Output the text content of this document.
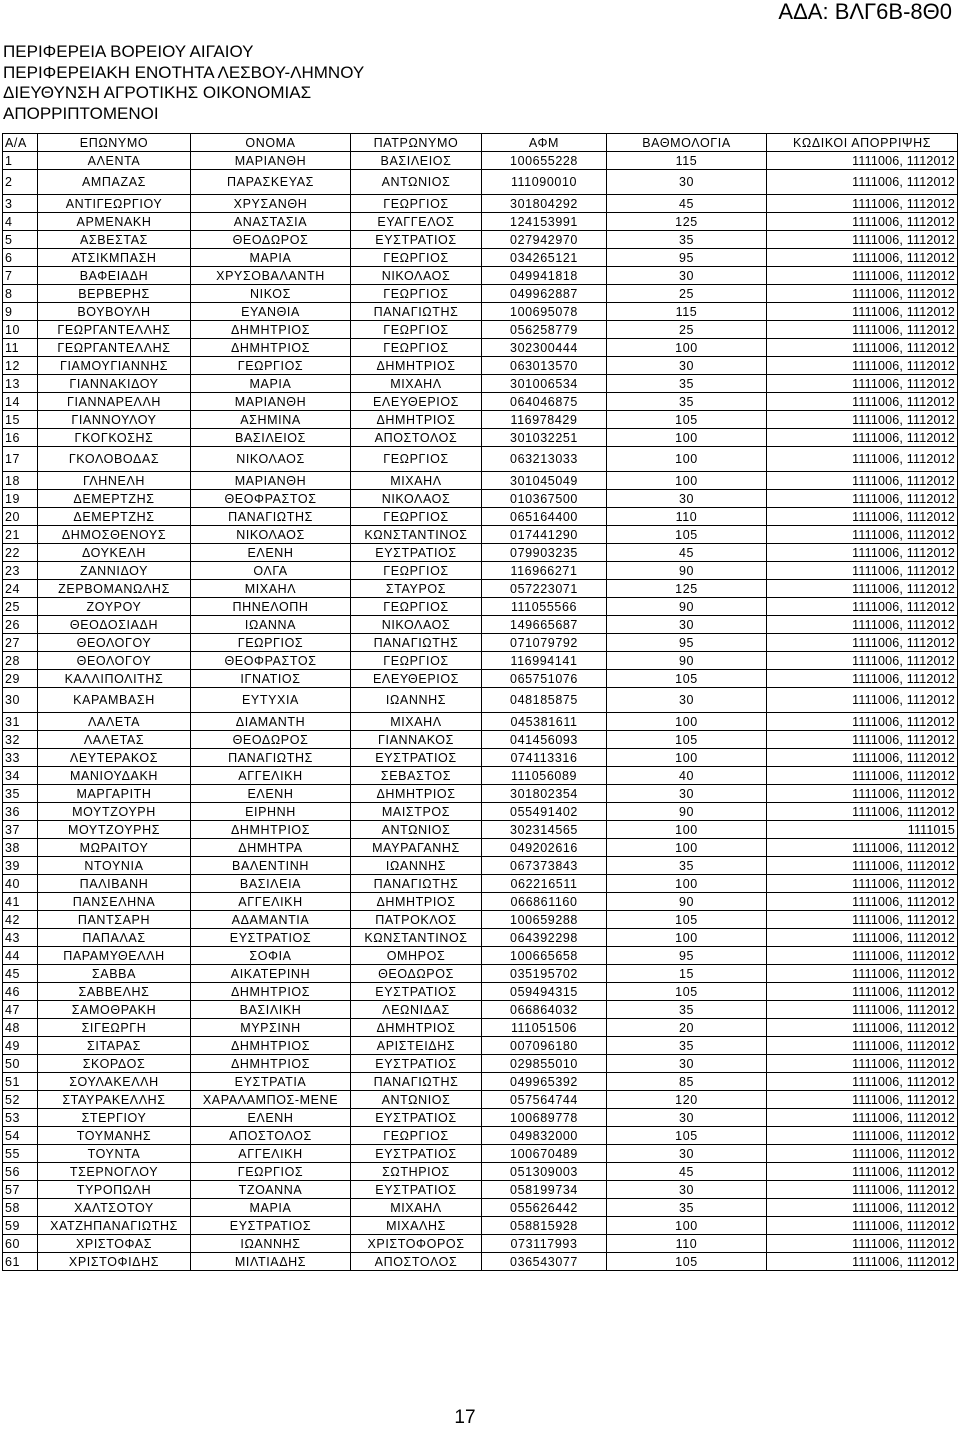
ΑΔΑ: ΒΛΓ6Β-8Θ0
ΠΕΡΙΦΕΡΕΙΑ ΒΟΡΕΙΟΥ ΑΙΓΑΙΟΥ
ΠΕΡΙΦΕΡΕΙΑΚΗ ΕΝΟΤΗΤΑ ΛΕΣΒΟΥ-ΛΗΜΝΟΥ
ΔΙΕΥΘΥΝΣΗ ΑΓΡΟΤΙΚΗΣ ΟΙΚΟΝΟΜΙΑΣ
ΑΠΟΡΡΙΠΤΟΜΕΝΟΙ
Α/Α	ΕΠΩΝΥΜΟ	ΟΝΟΜΑ	ΠΑΤΡΩΝΥΜΟ	ΑΦΜ	ΒΑΘΜΟΛΟΓΙΑ	ΚΩΔΙΚΟΙ ΑΠΟΡΡΙΨΗΣ
1	ΑΛΕΝΤΑ	ΜΑΡΙΑΝΘΗ	ΒΑΣΙΛΕΙΟΣ	100655228	115	1111006, 1112012
2	ΑΜΠΑΖΑΣ	ΠΑΡΑΣΚΕΥΑΣ	ΑΝΤΩΝΙΟΣ	111090010	30	1111006, 1112012
3	ΑΝΤΙΓΕΩΡΓΙΟΥ	ΧΡΥΣΑΝΘΗ	ΓΕΩΡΓΙΟΣ	301804292	45	1111006, 1112012
4	ΑΡΜΕΝΑΚΗ	ΑΝΑΣΤΑΣΙΑ	ΕΥΑΓΓΕΛΟΣ	124153991	125	1111006, 1112012
5	ΑΣΒΕΣΤΑΣ	ΘΕΟΔΩΡΟΣ	ΕΥΣΤΡΑΤΙΟΣ	027942970	35	1111006, 1112012
6	ΑΤΣΙΚΜΠΑΣΗ	ΜΑΡΙΑ	ΓΕΩΡΓΙΟΣ	034265121	95	1111006, 1112012
7	ΒΑΦΕΙΑΔΗ	ΧΡΥΣΟΒΑΛΑΝΤΗ	ΝΙΚΟΛΑΟΣ	049941818	30	1111006, 1112012
8	ΒΕΡΒΕΡΗΣ	ΝΙΚΟΣ	ΓΕΩΡΓΙΟΣ	049962887	25	1111006, 1112012
9	ΒΟΥΒΟΥΛΗ	ΕΥΑΝΘΙΑ	ΠΑΝΑΓΙΩΤΗΣ	100695078	115	1111006, 1112012
10	ΓΕΩΡΓΑΝΤΕΛΛΗΣ	ΔΗΜΗΤΡΙΟΣ	ΓΕΩΡΓΙΟΣ	056258779	25	1111006, 1112012
11	ΓΕΩΡΓΑΝΤΕΛΛΗΣ	ΔΗΜΗΤΡΙΟΣ	ΓΕΩΡΓΙΟΣ	302300444	100	1111006, 1112012
12	ΓΙΑΜΟΥΓΙΑΝΝΗΣ	ΓΕΩΡΓΙΟΣ	ΔΗΜΗΤΡΙΟΣ	063013570	30	1111006, 1112012
13	ΓΙΑΝΝΑΚΙΔΟΥ	ΜΑΡΙΑ	ΜΙΧΑΗΛ	301006534	35	1111006, 1112012
14	ΓΙΑΝΝΑΡΕΛΛΗ	ΜΑΡΙΑΝΘΗ	ΕΛΕΥΘΕΡΙΟΣ	064046875	35	1111006, 1112012
15	ΓΙΑΝΝΟΥΛΟΥ	ΑΣΗΜΙΝΑ	ΔΗΜΗΤΡΙΟΣ	116978429	105	1111006, 1112012
16	ΓΚΟΓΚΟΣΗΣ	ΒΑΣΙΛΕΙΟΣ	ΑΠΟΣΤΟΛΟΣ	301032251	100	1111006, 1112012
17	ΓΚΟΛΟΒΟΔΑΣ	ΝΙΚΟΛΑΟΣ	ΓΕΩΡΓΙΟΣ	063213033	100	1111006, 1112012
18	ΓΛΗΝΕΛΗ	ΜΑΡΙΑΝΘΗ	ΜΙΧΑΗΛ	301045049	100	1111006, 1112012
19	ΔΕΜΕΡΤΖΗΣ	ΘΕΟΦΡΑΣΤΟΣ	ΝΙΚΟΛΑΟΣ	010367500	30	1111006, 1112012
20	ΔΕΜΕΡΤΖΗΣ	ΠΑΝΑΓΙΩΤΗΣ	ΓΕΩΡΓΙΟΣ	065164400	110	1111006, 1112012
21	ΔΗΜΟΣΘΕΝΟΥΣ	ΝΙΚΟΛΑΟΣ	ΚΩΝΣΤΑΝΤΙΝΟΣ	017441290	105	1111006, 1112012
22	ΔΟΥΚΕΛΗ	ΕΛΕΝΗ	ΕΥΣΤΡΑΤΙΟΣ	079903235	45	1111006, 1112012
23	ΖΑΝΝΙΔΟΥ	ΟΛΓΑ	ΓΕΩΡΓΙΟΣ	116966271	90	1111006, 1112012
24	ΖΕΡΒΟΜΑΝΩΛΗΣ	ΜΙΧΑΗΛ	ΣΤΑΥΡΟΣ	057223071	125	1111006, 1112012
25	ΖΟΥΡΟΥ	ΠΗΝΕΛΟΠΗ	ΓΕΩΡΓΙΟΣ	111055566	90	1111006, 1112012
26	ΘΕΟΔΟΣΙΑΔΗ	ΙΩΑΝΝΑ	ΝΙΚΟΛΑΟΣ	149665687	30	1111006, 1112012
27	ΘΕΟΛΟΓΟΥ	ΓΕΩΡΓΙΟΣ	ΠΑΝΑΓΙΩΤΗΣ	071079792	95	1111006, 1112012
28	ΘΕΟΛΟΓΟΥ	ΘΕΟΦΡΑΣΤΟΣ	ΓΕΩΡΓΙΟΣ	116994141	90	1111006, 1112012
29	ΚΑΛΛΙΠΟΛΙΤΗΣ	ΙΓΝΑΤΙΟΣ	ΕΛΕΥΘΕΡΙΟΣ	065751076	105	1111006, 1112012
30	ΚΑΡΑΜΒΑΣΗ	ΕΥΤΥΧΙΑ	ΙΩΑΝΝΗΣ	048185875	30	1111006, 1112012
31	ΛΑΛΕΤΑ	ΔΙΑΜΑΝΤΗ	ΜΙΧΑΗΛ	045381611	100	1111006, 1112012
32	ΛΑΛΕΤΑΣ	ΘΕΟΔΩΡΟΣ	ΓΙΑΝΝΑΚΟΣ	041456093	105	1111006, 1112012
33	ΛΕΥΤΕΡΑΚΟΣ	ΠΑΝΑΓΙΩΤΗΣ	ΕΥΣΤΡΑΤΙΟΣ	074113316	100	1111006, 1112012
34	ΜΑΝΙΟΥΔΑΚΗ	ΑΓΓΕΛΙΚΗ	ΣΕΒΑΣΤΟΣ	111056089	40	1111006, 1112012
35	ΜΑΡΓΑΡΙΤΗ	ΕΛΕΝΗ	ΔΗΜΗΤΡΙΟΣ	301802354	30	1111006, 1112012
36	ΜΟΥΤΖΟΥΡΗ	ΕΙΡΗΝΗ	ΜΑΙΣΤΡΟΣ	055491402	90	1111006, 1112012
37	ΜΟΥΤΖΟΥΡΗΣ	ΔΗΜΗΤΡΙΟΣ	ΑΝΤΩΝΙΟΣ	302314565	100	1111015
38	ΜΩΡΑΙΤΟΥ	ΔΗΜΗΤΡΑ	ΜΑΥΡΑΓΑΝΗΣ	049202616	100	1111006, 1112012
39	ΝΤΟΥΝΙΑ	ΒΑΛΕΝΤΙΝΗ	ΙΩΑΝΝΗΣ	067373843	35	1111006, 1112012
40	ΠΑΛΙΒΑΝΗ	ΒΑΣΙΛΕΙΑ	ΠΑΝΑΓΙΩΤΗΣ	062216511	100	1111006, 1112012
41	ΠΑΝΣΕΛΗΝΑ	ΑΓΓΕΛΙΚΗ	ΔΗΜΗΤΡΙΟΣ	066861160	90	1111006, 1112012
42	ΠΑΝΤΣΑΡΗ	ΑΔΑΜΑΝΤΙΑ	ΠΑΤΡΟΚΛΟΣ	100659288	105	1111006, 1112012
43	ΠΑΠΑΛΑΣ	ΕΥΣΤΡΑΤΙΟΣ	ΚΩΝΣΤΑΝΤΙΝΟΣ	064392298	100	1111006, 1112012
44	ΠΑΡΑΜΥΘΕΛΛΗ	ΣΟΦΙΑ	ΟΜΗΡΟΣ	100665658	95	1111006, 1112012
45	ΣΑΒΒΑ	ΑΙΚΑΤΕΡΙΝΗ	ΘΕΟΔΩΡΟΣ	035195702	15	1111006, 1112012
46	ΣΑΒΒΕΛΗΣ	ΔΗΜΗΤΡΙΟΣ	ΕΥΣΤΡΑΤΙΟΣ	059494315	105	1111006, 1112012
47	ΣΑΜΟΘΡΑΚΗ	ΒΑΣΙΛΙΚΗ	ΛΕΩΝΙΔΑΣ	066864032	35	1111006, 1112012
48	ΣΙΓΕΩΡΓΗ	ΜΥΡΣΙΝΗ	ΔΗΜΗΤΡΙΟΣ	111051506	20	1111006, 1112012
49	ΣΙΤΑΡΑΣ	ΔΗΜΗΤΡΙΟΣ	ΑΡΙΣΤΕΙΔΗΣ	007096180	35	1111006, 1112012
50	ΣΚΟΡΔΟΣ	ΔΗΜΗΤΡΙΟΣ	ΕΥΣΤΡΑΤΙΟΣ	029855010	30	1111006, 1112012
51	ΣΟΥΛΑΚΕΛΛΗ	ΕΥΣΤΡΑΤΙΑ	ΠΑΝΑΓΙΩΤΗΣ	049965392	85	1111006, 1112012
52	ΣΤΑΥΡΑΚΕΛΛΗΣ	ΧΑΡΑΛΑΜΠΟΣ-ΜΕΝΕ	ΑΝΤΩΝΙΟΣ	057564744	120	1111006, 1112012
53	ΣΤΕΡΓΙΟΥ	ΕΛΕΝΗ	ΕΥΣΤΡΑΤΙΟΣ	100689778	30	1111006, 1112012
54	ΤΟΥΜΑΝΗΣ	ΑΠΟΣΤΟΛΟΣ	ΓΕΩΡΓΙΟΣ	049832000	105	1111006, 1112012
55	ΤΟΥΝΤΑ	ΑΓΓΕΛΙΚΗ	ΕΥΣΤΡΑΤΙΟΣ	100670489	30	1111006, 1112012
56	ΤΣΕΡΝΟΓΛΟΥ	ΓΕΩΡΓΙΟΣ	ΣΩΤΗΡΙΟΣ	051309003	45	1111006, 1112012
57	ΤΥΡΟΠΩΛΗ	ΤΖΟΑΝΝΑ	ΕΥΣΤΡΑΤΙΟΣ	058199734	30	1111006, 1112012
58	ΧΑΛΤΣΟΤΟΥ	ΜΑΡΙΑ	ΜΙΧΑΗΛ	055626442	35	1111006, 1112012
59	ΧΑΤΖΗΠΑΝΑΓΙΩΤΗΣ	ΕΥΣΤΡΑΤΙΟΣ	ΜΙΧΑΛΗΣ	058815928	100	1111006, 1112012
60	ΧΡΙΣΤΟΦΑΣ	ΙΩΑΝΝΗΣ	ΧΡΙΣΤΟΦΟΡΟΣ	073117993	110	1111006, 1112012
61	ΧΡΙΣΤΟΦΙΔΗΣ	ΜΙΛΤΙΑΔΗΣ	ΑΠΟΣΤΟΛΟΣ	036543077	105	1111006, 1112012
17
